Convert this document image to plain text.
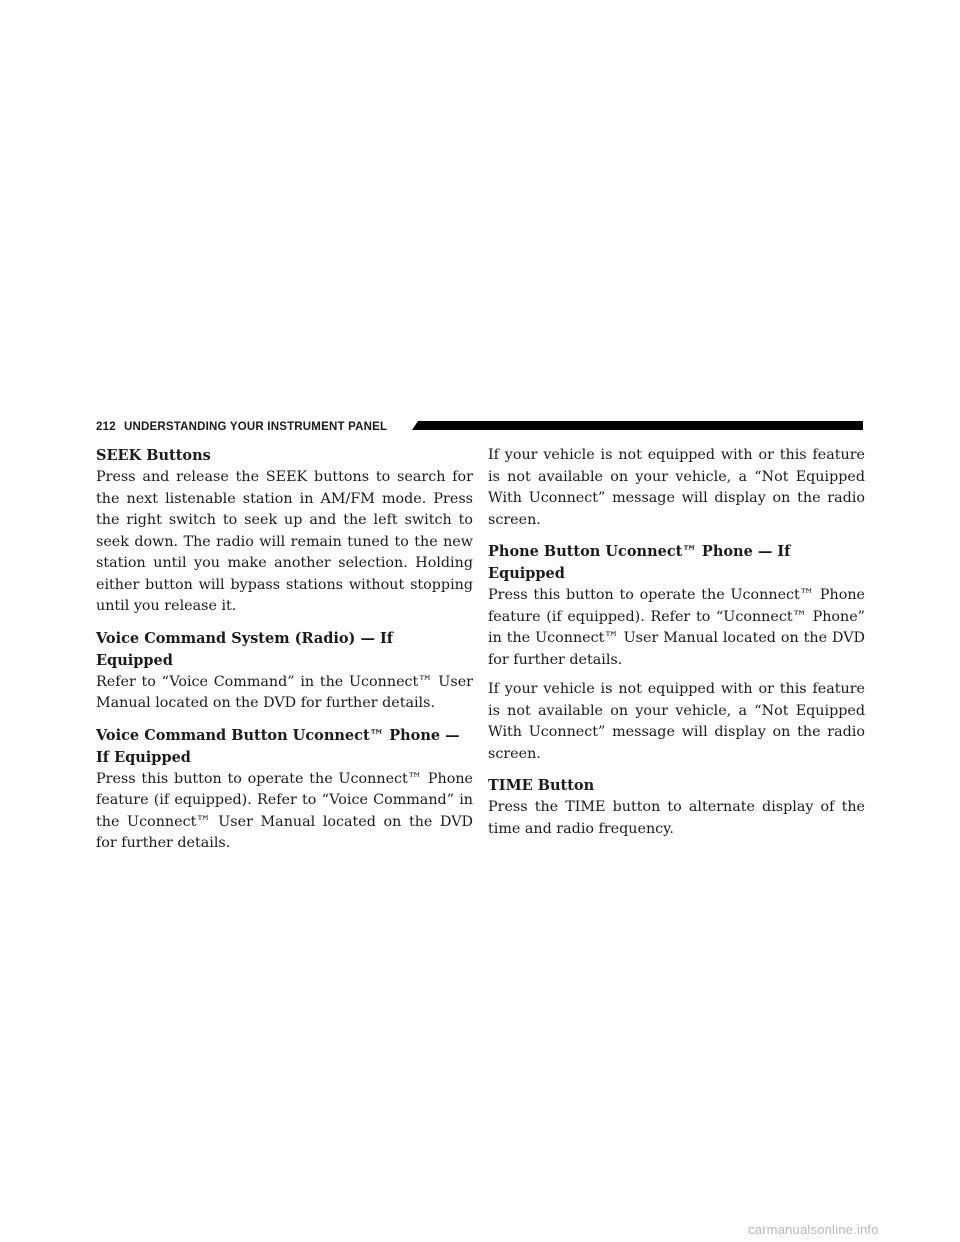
212 UNDERSTANDING YOUR INSTRUMENT PANEL

SEEK Buttons

Press and release the SEEK buttons to search for the next listenable station in AM/FM mode. Press the right switch to seek up and the left switch to seek down. The radio will remain tuned to the new station until you make another selection. Holding either button will bypass stations without stopping until you release it.

Voice Command System (Radio) — If Equipped

Refer to “Voice Command” in the Uconnect™ User Manual located on the DVD for further details.

Voice Command Button Uconnect™ Phone — If Equipped

Press this button to operate the Uconnect™ Phone feature (if equipped). Refer to “Voice Command” in the Uconnect™ User Manual located on the DVD for further details.

If your vehicle is not equipped with or this feature is not available on your vehicle, a “Not Equipped With Uconnect” message will display on the radio screen.

Phone Button Uconnect™ Phone — If Equipped

Press this button to operate the Uconnect™ Phone feature (if equipped). Refer to “Uconnect™ Phone” in the Uconnect™ User Manual located on the DVD for further details.

If your vehicle is not equipped with or this feature is not available on your vehicle, a “Not Equipped With Uconnect” message will display on the radio screen.

TIME Button

Press the TIME button to alternate display of the time and radio frequency.

carmanualsonline.info
